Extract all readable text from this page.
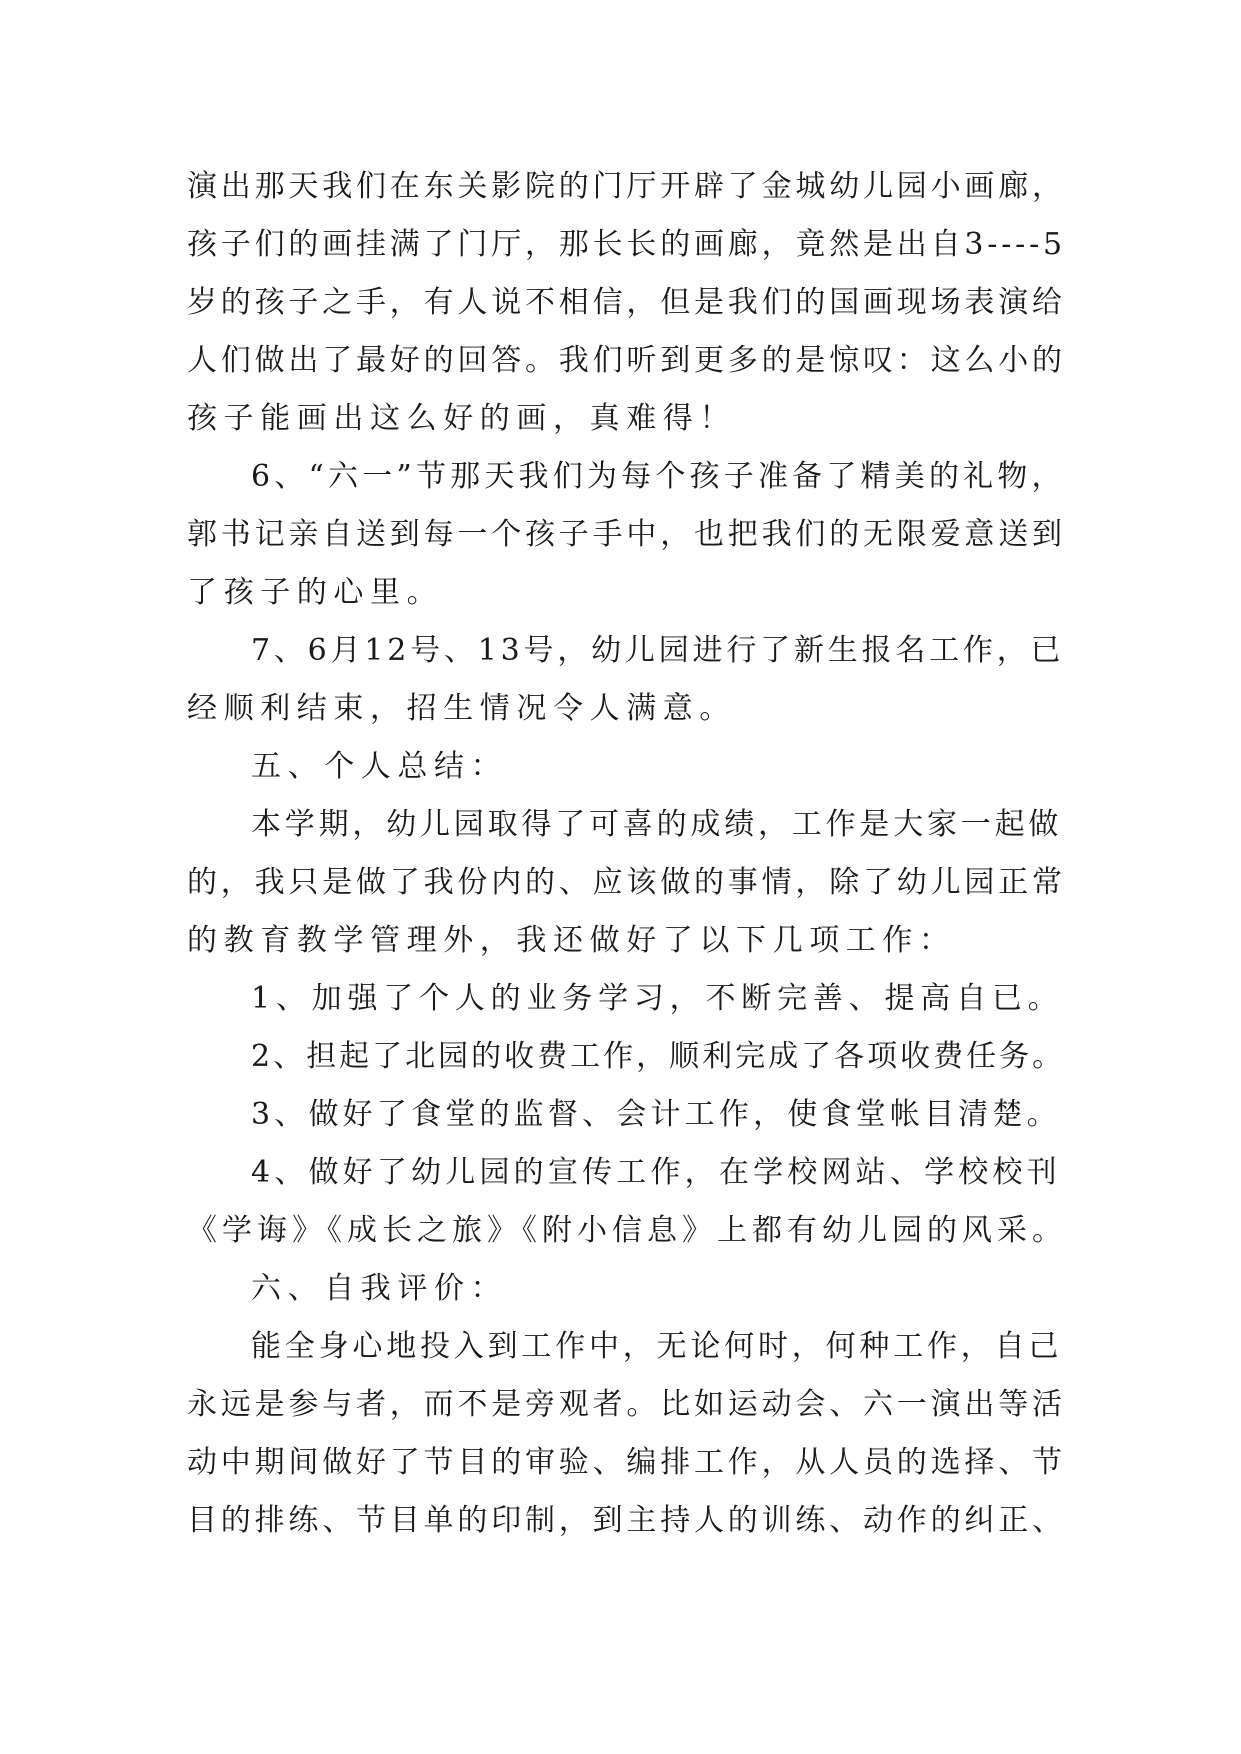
演出那天我们在东关影院的门厅开辟了金城幼儿园小画廊，
孩子们的画挂满了门厅，那长长的画廊，竟然是出自3----5
岁的孩子之手，有人说不相信，但是我们的国画现场表演给
人们做出了最好的回答。我们听到更多的是惊叹：这么小的
孩子能画出这么好的画，真难得！
6、“六一”节那天我们为每个孩子准备了精美的礼物，
郭书记亲自送到每一个孩子手中，也把我们的无限爱意送到
了孩子的心里。
7、6月12号、13号，幼儿园进行了新生报名工作，已
经顺利结束，招生情况令人满意。
五、个人总结：
本学期，幼儿园取得了可喜的成绩，工作是大家一起做
的，我只是做了我份内的、应该做的事情，除了幼儿园正常
的教育教学管理外，我还做好了以下几项工作：
1、加强了个人的业务学习，不断完善、提高自已。
2、担起了北园的收费工作，顺利完成了各项收费任务。
3、做好了食堂的监督、会计工作，使食堂帐目清楚。
4、做好了幼儿园的宣传工作，在学校网站、学校校刊
《学诲》《成长之旅》《附小信息》上都有幼儿园的风采。
六、自我评价：
能全身心地投入到工作中，无论何时，何种工作，自己
永远是参与者，而不是旁观者。比如运动会、六一演出等活
动中期间做好了节目的审验、编排工作，从人员的选择、节
目的排练、节目单的印制，到主持人的训练、动作的纠正、
